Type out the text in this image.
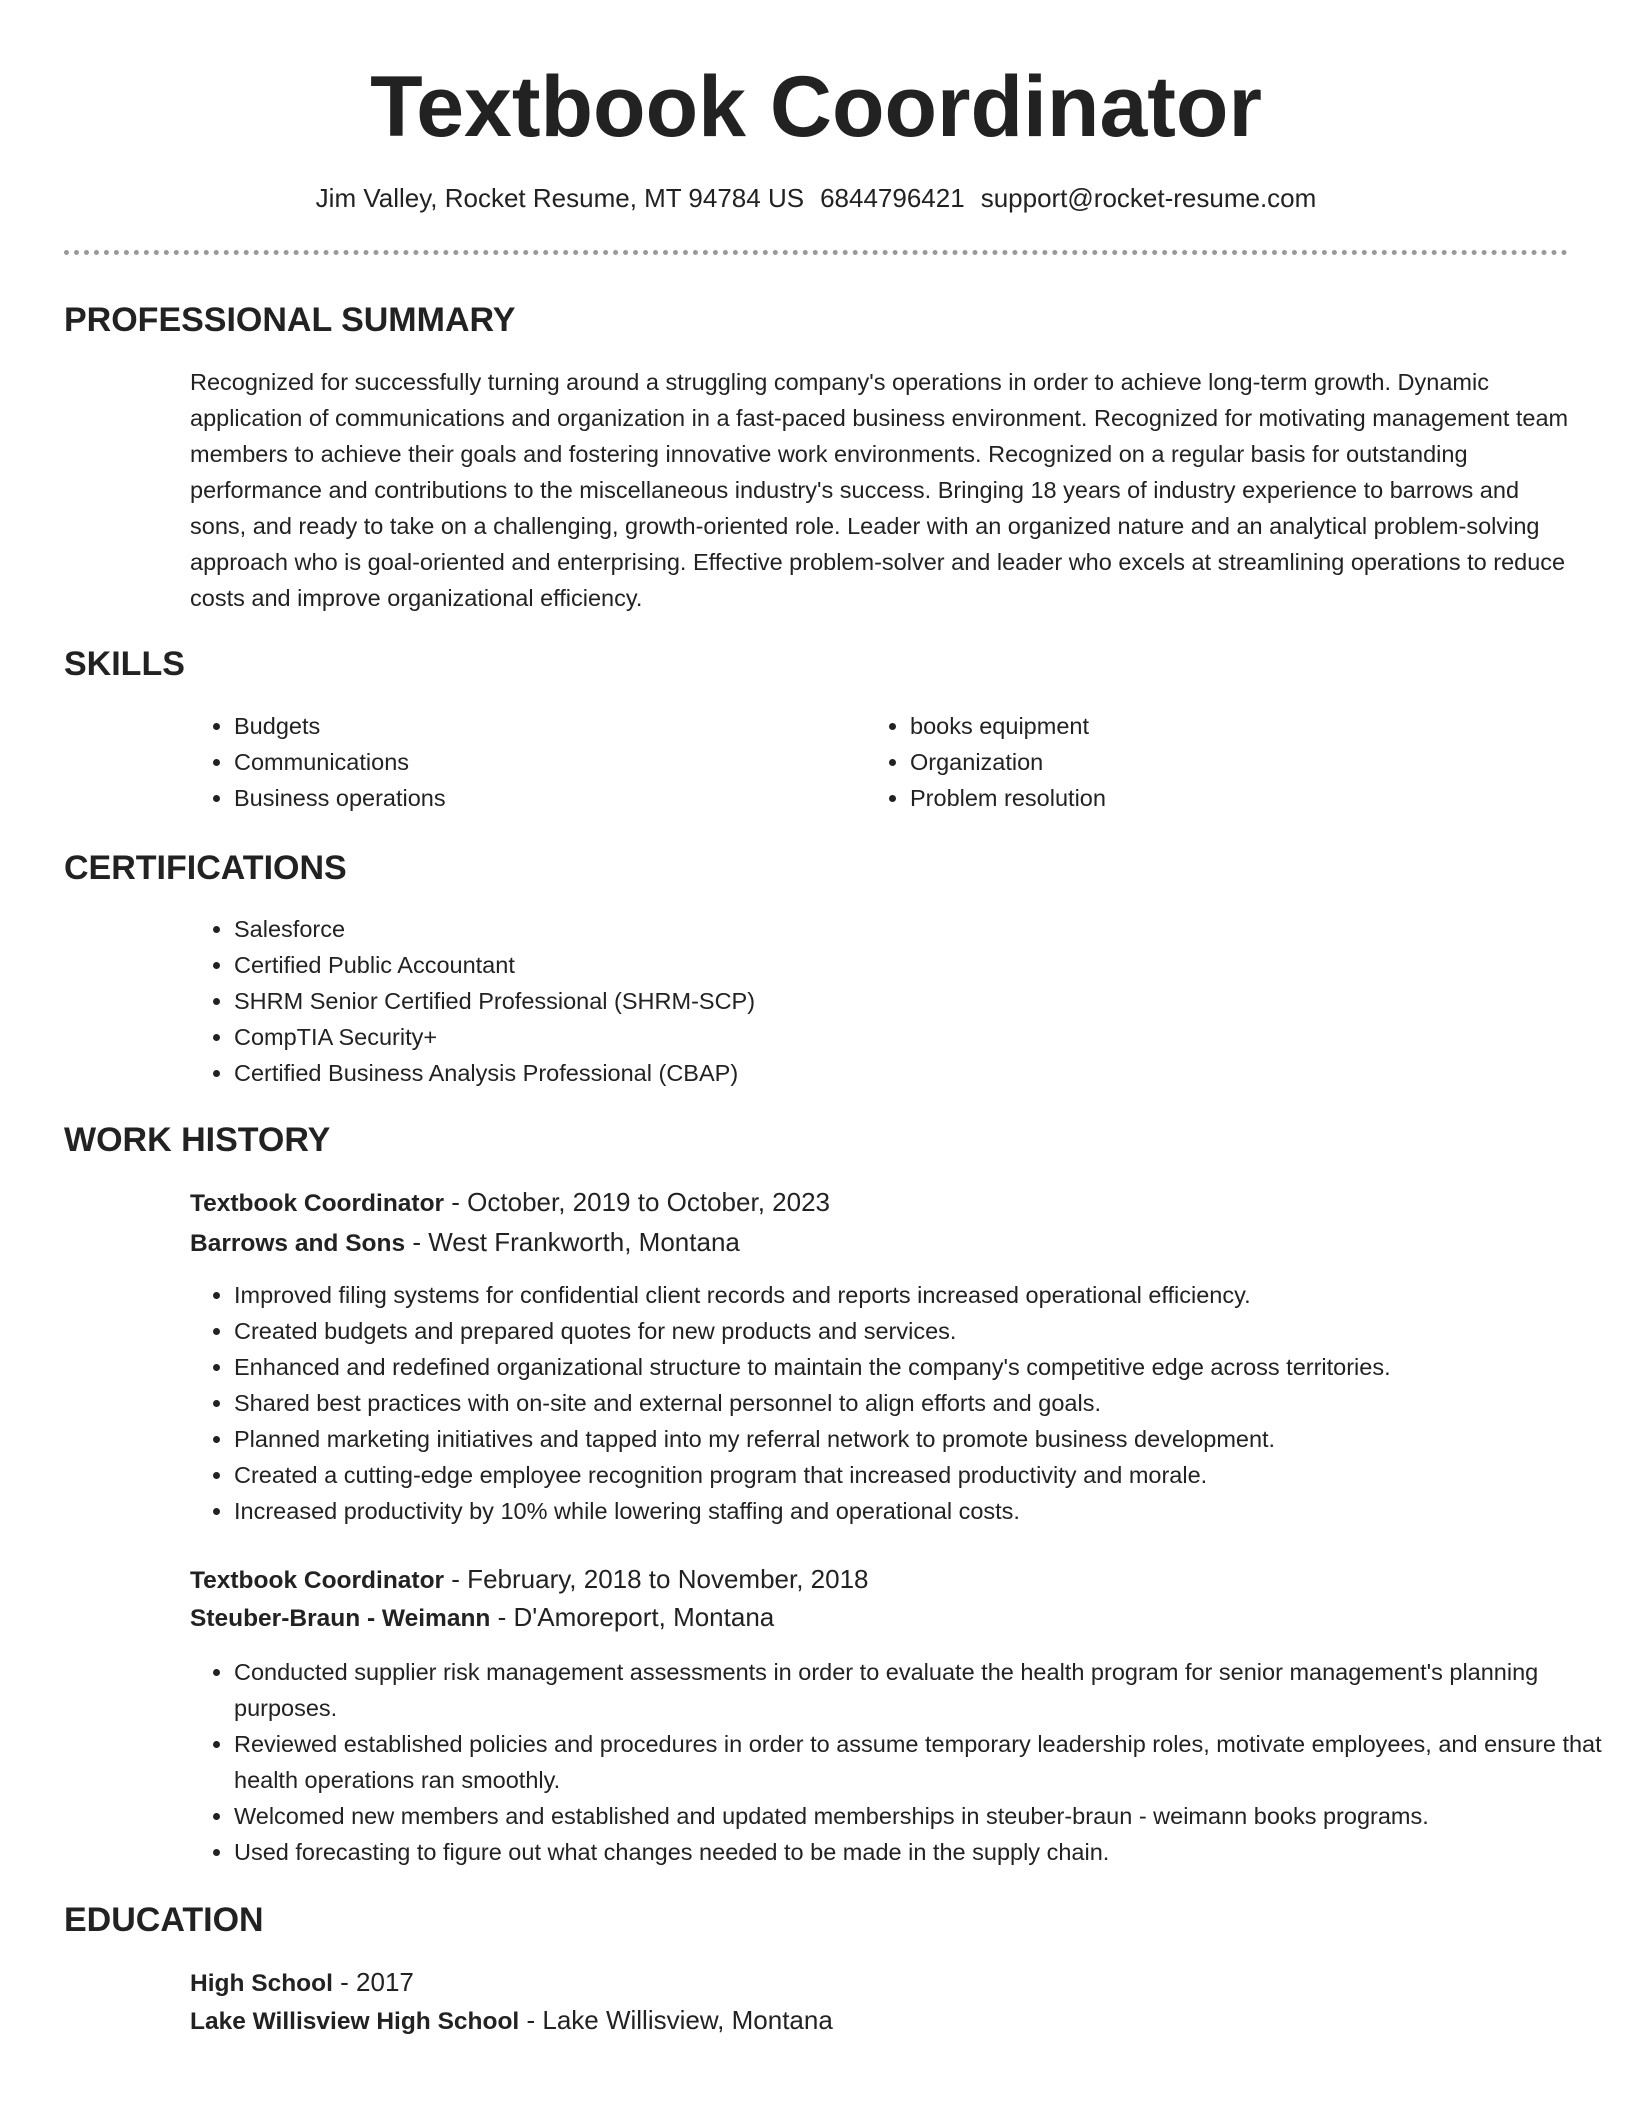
Textbook Coordinator
Jim Valley, Rocket Resume, MT 94784 US 6844796421 support@rocket-resume.com
PROFESSIONAL SUMMARY

Recognized for successfully turning around a struggling company's operations in order to achieve long-term growth. Dynamic application of communications and organization in a fast-paced business environment. Recognized for motivating management team members to achieve their goals and fostering innovative work environments. Recognized on a regular basis for outstanding performance and contributions to the miscellaneous industry's success. Bringing 18 years of industry experience to barrows and sons, and ready to take on a challenging, growth-oriented role. Leader with an organized nature and an analytical problem-solving approach who is goal-oriented and enterprising. Effective problem-solver and leader who excels at streamlining operations to reduce costs and improve organizational efficiency.

SKILLS
• Budgets
• Communications
• Business operations
• books equipment
• Organization
• Problem resolution
CERTIFICATIONS
• Salesforce
• Certified Public Accountant
• SHRM Senior Certified Professional (SHRM-SCP)
• CompTIA Security+
• Certified Business Analysis Professional (CBAP)
WORK HISTORY
Textbook Coordinator - October, 2019 to October, 2023
Barrows and Sons - West Frankworth, Montana
• Improved filing systems for confidential client records and reports increased operational efficiency.
• Created budgets and prepared quotes for new products and services.
• Enhanced and redefined organizational structure to maintain the company's competitive edge across territories.
• Shared best practices with on-site and external personnel to align efforts and goals.
• Planned marketing initiatives and tapped into my referral network to promote business development.
• Created a cutting-edge employee recognition program that increased productivity and morale.
• Increased productivity by 10% while lowering staffing and operational costs.
Textbook Coordinator - February, 2018 to November, 2018
Steuber-Braun - Weimann - D'Amoreport, Montana
• Conducted supplier risk management assessments in order to evaluate the health program for senior management's planning purposes.
• Reviewed established policies and procedures in order to assume temporary leadership roles, motivate employees, and ensure that health operations ran smoothly.
• Welcomed new members and established and updated memberships in steuber-braun - weimann books programs.
• Used forecasting to figure out what changes needed to be made in the supply chain.
EDUCATION
High School - 2017
Lake Willisview High School - Lake Willisview, Montana
